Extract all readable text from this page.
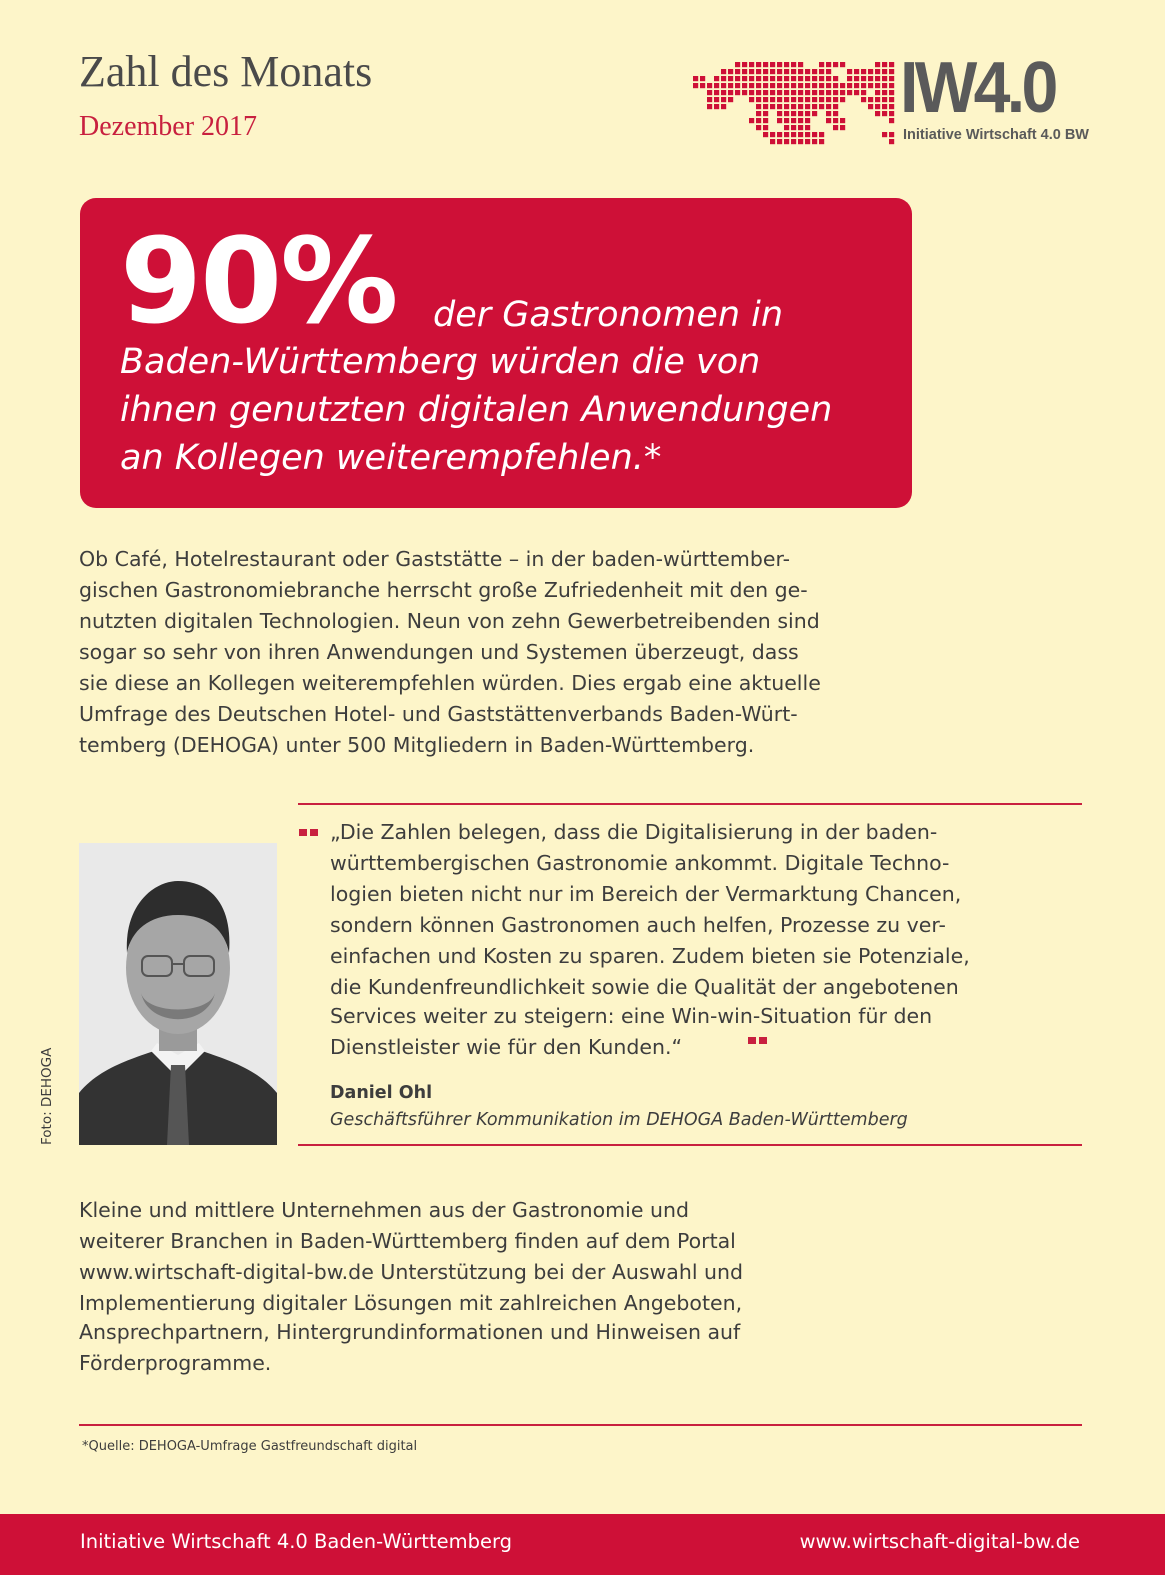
Zahl des Monats
Dezember 2017	IW4.0
Initiative Wirtschaft 4.0 BW
90% der Gastronomen in
Baden-Württemberg würden die von
ihnen genutzten digitalen Anwendungen
an Kollegen weiterempfehlen.*
Ob Café, Hotelrestaurant oder Gaststätte – in der baden-württember-
gischen Gastronomiebranche herrscht große Zufriedenheit mit den ge-
nutzten digitalen Technologien. Neun von zehn Gewerbetreibenden sind
sogar so sehr von ihren Anwendungen und Systemen überzeugt, dass
sie diese an Kollegen weiterempfehlen würden. Dies ergab eine aktuelle
Umfrage des Deutschen Hotel- und Gaststättenverbands Baden-Würt-
temberg (DEHOGA) unter 500 Mitgliedern in Baden-Württemberg.
Foto: DEHOGA
„Die Zahlen belegen, dass die Digitalisierung in der baden-
württembergischen Gastronomie ankommt. Digitale Techno-
logien bieten nicht nur im Bereich der Vermarktung Chancen,
sondern können Gastronomen auch helfen, Prozesse zu ver-
einfachen und Kosten zu sparen. Zudem bieten sie Potenziale,
die Kundenfreundlichkeit sowie die Qualität der angebotenen
Services weiter zu steigern: eine Win-win-Situation für den
Dienstleister wie für den Kunden.“
Daniel Ohl
Geschäftsführer Kommunikation im DEHOGA Baden-Württemberg
Kleine und mittlere Unternehmen aus der Gastronomie und
weiterer Branchen in Baden-Württemberg finden auf dem Portal
www.wirtschaft-digital-bw.de Unterstützung bei der Auswahl und
Implementierung digitaler Lösungen mit zahlreichen Angeboten,
Ansprechpartnern, Hintergrundinformationen und Hinweisen auf
Förderprogramme.
*Quelle: DEHOGA-Umfrage Gastfreundschaft digital
Initiative Wirtschaft 4.0 Baden-Württemberg	www.wirtschaft-digital-bw.de
